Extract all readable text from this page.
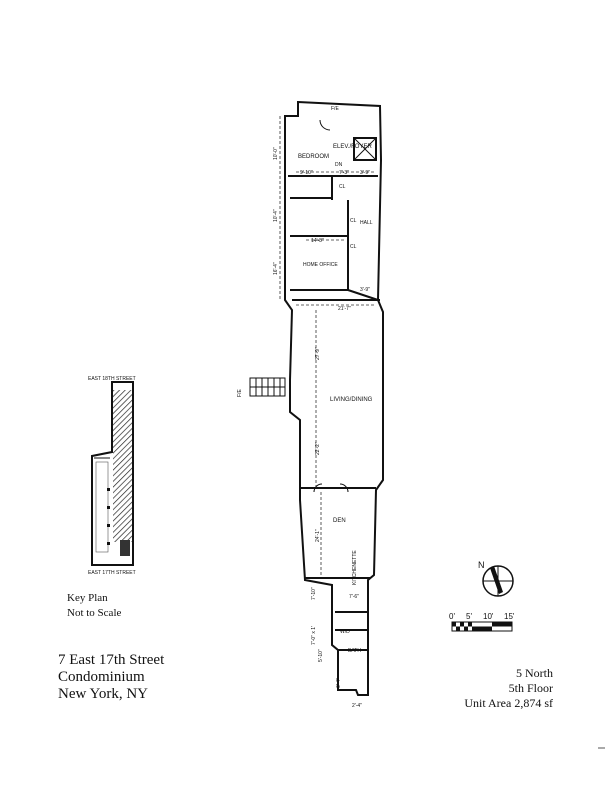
BEDROOM
ELEV./FOYER
DN
CL
CL
CL
HALL
HOME OFFICE
LIVING/DINING
DEN
KITCHENETTE
BATH
W/D
F/E
F/E
10'-0"
9'-10"	7'-3" 3'-9"
10'-4"
14'-8"
16'-4"
3'-9"
21'-7"
27'-9"
22'-2"
24'-1"
7'-10"	7'-6"
7'-0" x 1'
5'-10"
6'-4"
2'-4"
EAST 18TH STREET
EAST 17TH STREET
N
0' 5' 10' 15'
Key Plan
Not to Scale
7 East 17th Street
Condominium
New York, NY
5 North
5th Floor
Unit Area 2,874 sf
